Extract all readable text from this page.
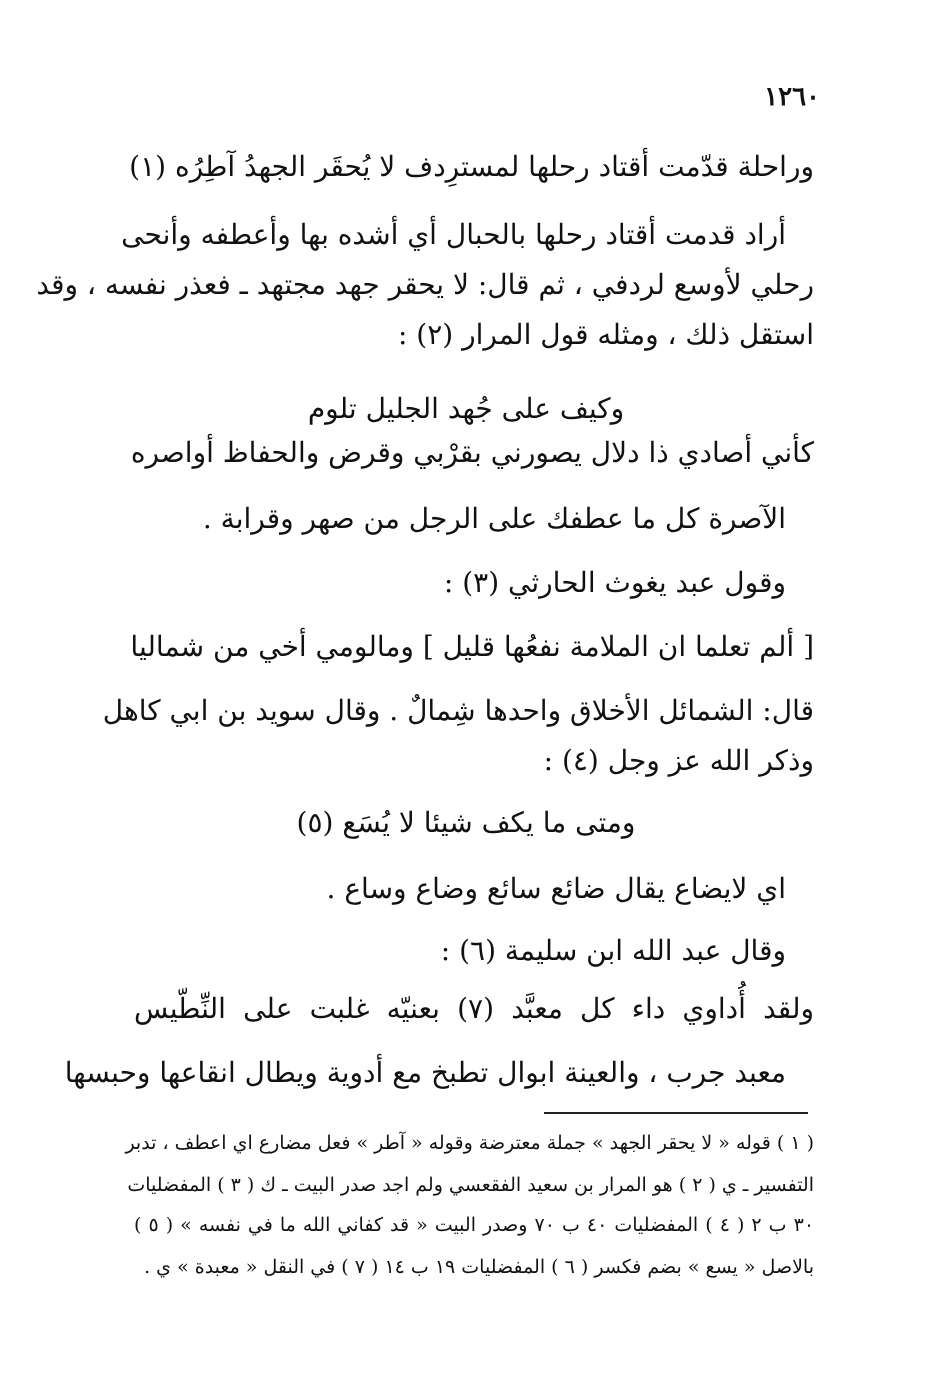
١٢٦٠
وراحلة قدّمت أقتاد رحلها لمسترِدف لا يُحقَر الجهدُ آطِرُه (١)
أراد قدمت أقتاد رحلها بالحبال أي أشده بها وأعطفه وأنحى
رحلي لأوسع لردفي ، ثم قال: لا يحقر جهد مجتهد ـ فعذر نفسه ، وقد
استقل ذلك ، ومثله قول المرار (٢) :
وكيف على جُهد الجليل تلوم
كأني أصادي ذا دلال يصورني بقرْبي وقرض والحفاظ أواصره
الآصرة كل ما عطفك على الرجل من صهر وقرابة .
وقول عبد يغوث الحارثي (٣) :
[ ألم تعلما ان الملامة نفعُها قليل ] ومالومي أخي من شماليا
قال: الشمائل الأخلاق واحدها شِمالٌ . وقال سويد بن ابي كاهل
وذكر الله عز وجل (٤) :
ومتى ما يكف شيئا لا يُسَع (٥)
اي لايضاع يقال ضائع سائع وضاع وساع .
وقال عبد الله ابن سليمة (٦) :
ولقد أُداوي داء كل معبَّد (٧) بعنيّه غلبت على النِّطّيس
معبد جرب ، والعينة ابوال تطبخ مع أدوية ويطال انقاعها وحبسها
( ١ ) قوله « لا يحقر الجهد » جملة معترضة وقوله « آطر » فعل مضارع اي اعطف ، تدبر
التفسير ـ ي ( ٢ ) هو المرار بن سعيد الفقعسي ولم اجد صدر البيت ـ ك ( ٣ ) المفضليات
٣٠ ب ٢ ( ٤ ) المفضليات ٤٠ ب ٧٠ وصدر البيت « قد كفاني الله ما في نفسه » ( ٥ )
بالاصل « يسع » بضم فكسر ( ٦ ) المفضليات ١٩ ب ١٤ ( ٧ ) في النقل « معبدة » ي .
